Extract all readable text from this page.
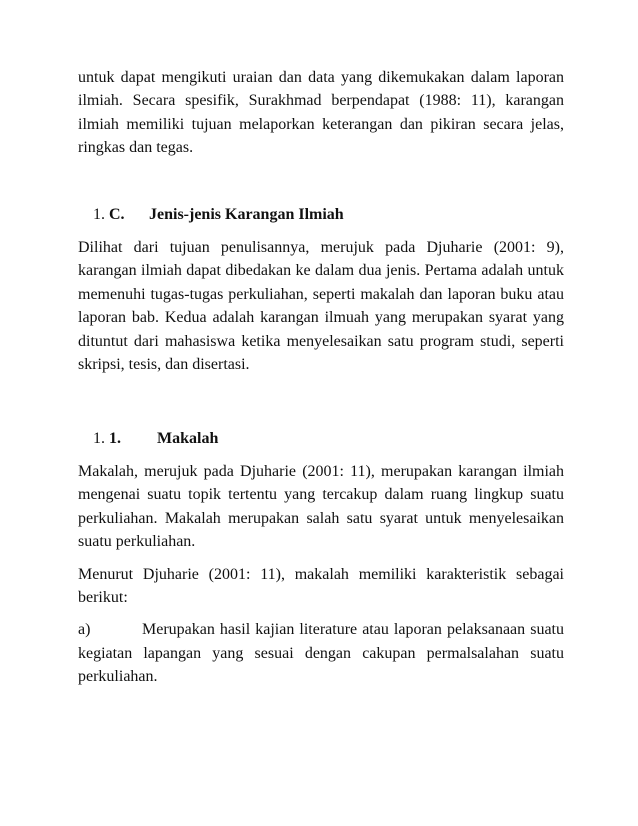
untuk dapat mengikuti uraian dan data yang dikemukakan dalam laporan ilmiah. Secara spesifik, Surakhmad berpendapat (1988: 11), karangan ilmiah memiliki tujuan melaporkan keterangan dan pikiran secara jelas, ringkas dan tegas.

1. C. Jenis-jenis Karangan Ilmiah

Dilihat dari tujuan penulisannya, merujuk pada Djuharie (2001: 9), karangan ilmiah dapat dibedakan ke dalam dua jenis. Pertama adalah untuk memenuhi tugas-tugas perkuliahan, seperti makalah dan laporan buku atau laporan bab. Kedua adalah karangan ilmuah yang merupakan syarat yang dituntut dari mahasiswa ketika menyelesaikan satu program studi, seperti skripsi, tesis, dan disertasi.

1. 1. Makalah

Makalah, merujuk pada Djuharie (2001: 11), merupakan karangan ilmiah mengenai suatu topik tertentu yang tercakup dalam ruang lingkup suatu perkuliahan. Makalah merupakan salah satu syarat untuk menyelesaikan suatu perkuliahan.

Menurut Djuharie (2001: 11), makalah memiliki karakteristik sebagai berikut:

a)	Merupakan hasil kajian literature atau laporan pelaksanaan suatu kegiatan lapangan yang sesuai dengan cakupan permalsalahan suatu perkuliahan.
